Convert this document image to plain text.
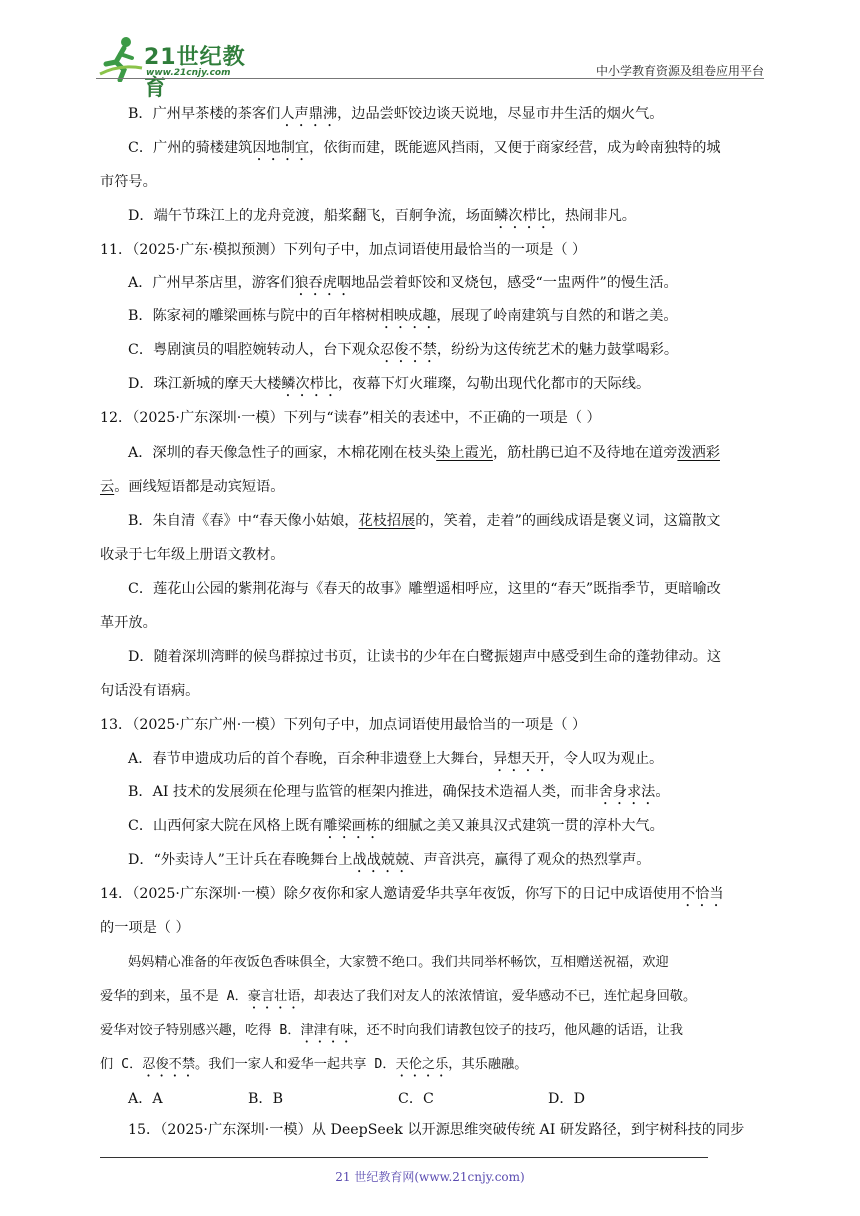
21世纪教育
www.21cnjy.com	中小学教育资源及组卷应用平台
B．广州早茶楼的茶客们人声鼎沸，边品尝虾饺边谈天说地，尽显市井生活的烟火气。
C．广州的骑楼建筑因地制宜，依街而建，既能遮风挡雨，又便于商家经营，成为岭南独特的城
市符号。
D．端午节珠江上的龙舟竞渡，船桨翻飞，百舸争流，场面鳞次栉比，热闹非凡。
11．（2025·广东·模拟预测）下列句子中，加点词语使用最恰当的一项是（ ）
A．广州早茶店里，游客们狼吞虎咽地品尝着虾饺和叉烧包，感受“一盅两件”的慢生活。
B．陈家祠的雕梁画栋与院中的百年榕树相映成趣，展现了岭南建筑与自然的和谐之美。
C．粤剧演员的唱腔婉转动人，台下观众忍俊不禁，纷纷为这传统艺术的魅力鼓掌喝彩。
D．珠江新城的摩天大楼鳞次栉比，夜幕下灯火璀璨，勾勒出现代化都市的天际线。
12．（2025·广东深圳·一模）下列与“读春”相关的表述中，不正确的一项是（ ）
A．深圳的春天像急性子的画家，木棉花刚在枝头染上霞光，筋杜鹃已迫不及待地在道旁泼洒彩
云。画线短语都是动宾短语。
B．朱自清《春》中“春天像小姑娘，花枝招展的，笑着，走着”的画线成语是褒义词，这篇散文
收录于七年级上册语文教材。
C．莲花山公园的紫荆花海与《春天的故事》雕塑遥相呼应，这里的“春天”既指季节，更暗喻改
革开放。
D．随着深圳湾畔的候鸟群掠过书页，让读书的少年在白鹭振翅声中感受到生命的蓬勃律动。这
句话没有语病。
13．（2025·广东广州·一模）下列句子中，加点词语使用最恰当的一项是（ ）
A．春节申遗成功后的首个春晚，百余种非遗登上大舞台，异想天开，令人叹为观止。
B．AI 技术的发展须在伦理与监管的框架内推进，确保技术造福人类，而非舍身求法。
C．山西何家大院在风格上既有雕梁画栋的细腻之美又兼具汉式建筑一贯的淳朴大气。
D．“外卖诗人”王计兵在春晚舞台上战战兢兢、声音洪亮，赢得了观众的热烈掌声。
14．（2025·广东深圳·一模）除夕夜你和家人邀请爱华共享年夜饭，你写下的日记中成语使用不恰当
的一项是（ ）
妈妈精心准备的年夜饭色香味俱全，大家赞不绝口。我们共同举杯畅饮，互相赠送祝福，欢迎
爱华的到来，虽不是 A．豪言壮语，却表达了我们对友人的浓浓情谊，爱华感动不已，连忙起身回敬。
爱华对饺子特别感兴趣，吃得 B．津津有味，还不时向我们请教包饺子的技巧，他风趣的话语，让我
们 C．忍俊不禁。我们一家人和爱华一起共享 D．天伦之乐，其乐融融。
A．A	B．B	C．C	D．D
15．（2025·广东深圳·一模）从 DeepSeek 以开源思维突破传统 AI 研发路径，到宇树科技的同步
21 世纪教育网(www.21cnjy.com)
